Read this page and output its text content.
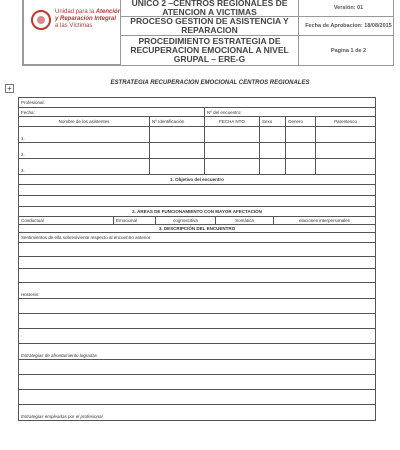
Unidad para la Atención
y Reparación Integral
a las Víctimas
UNICO 2 –CENTROS REGIONALES DE ATENCION A VICTIMAS	Versión: 01
PROCESO GESTION DE ASISTENCIA Y REPARACION	Fecha de Aprobacion: 18/08/2015
PROCEDIMIENTO ESTRATEGIA DE RECUPERACION EMOCIONAL A NIVEL GRUPAL – ERE-G
Pagina 1 de 2
+
ESTRATEGIA RECUPERACION EMOCIONAL CENTROS REGIONALES
Profesional:
Fecha:	Nº del encuentro:
Nombre de los asistentes	Nº Identificación	FECHA NTO	Sexo	Genero	Parentesco
1.
2.
3.
1. Objetivo del encuentro
2. ÁREAS DE FUNCIONAMIENTO CON MAYOR AFECTACIÓN
Conductual	Emocional	cognoscitiva	Somática	elaciones interpersonales
3. DESCRIPCIÓN DEL ENCUENTRO
Sentimientos de ella sobreviviente respecto al encuentro anterior
Hostesis:
Estrategias de afrontamiento logradas
Estrategias empleadas por el profesional
